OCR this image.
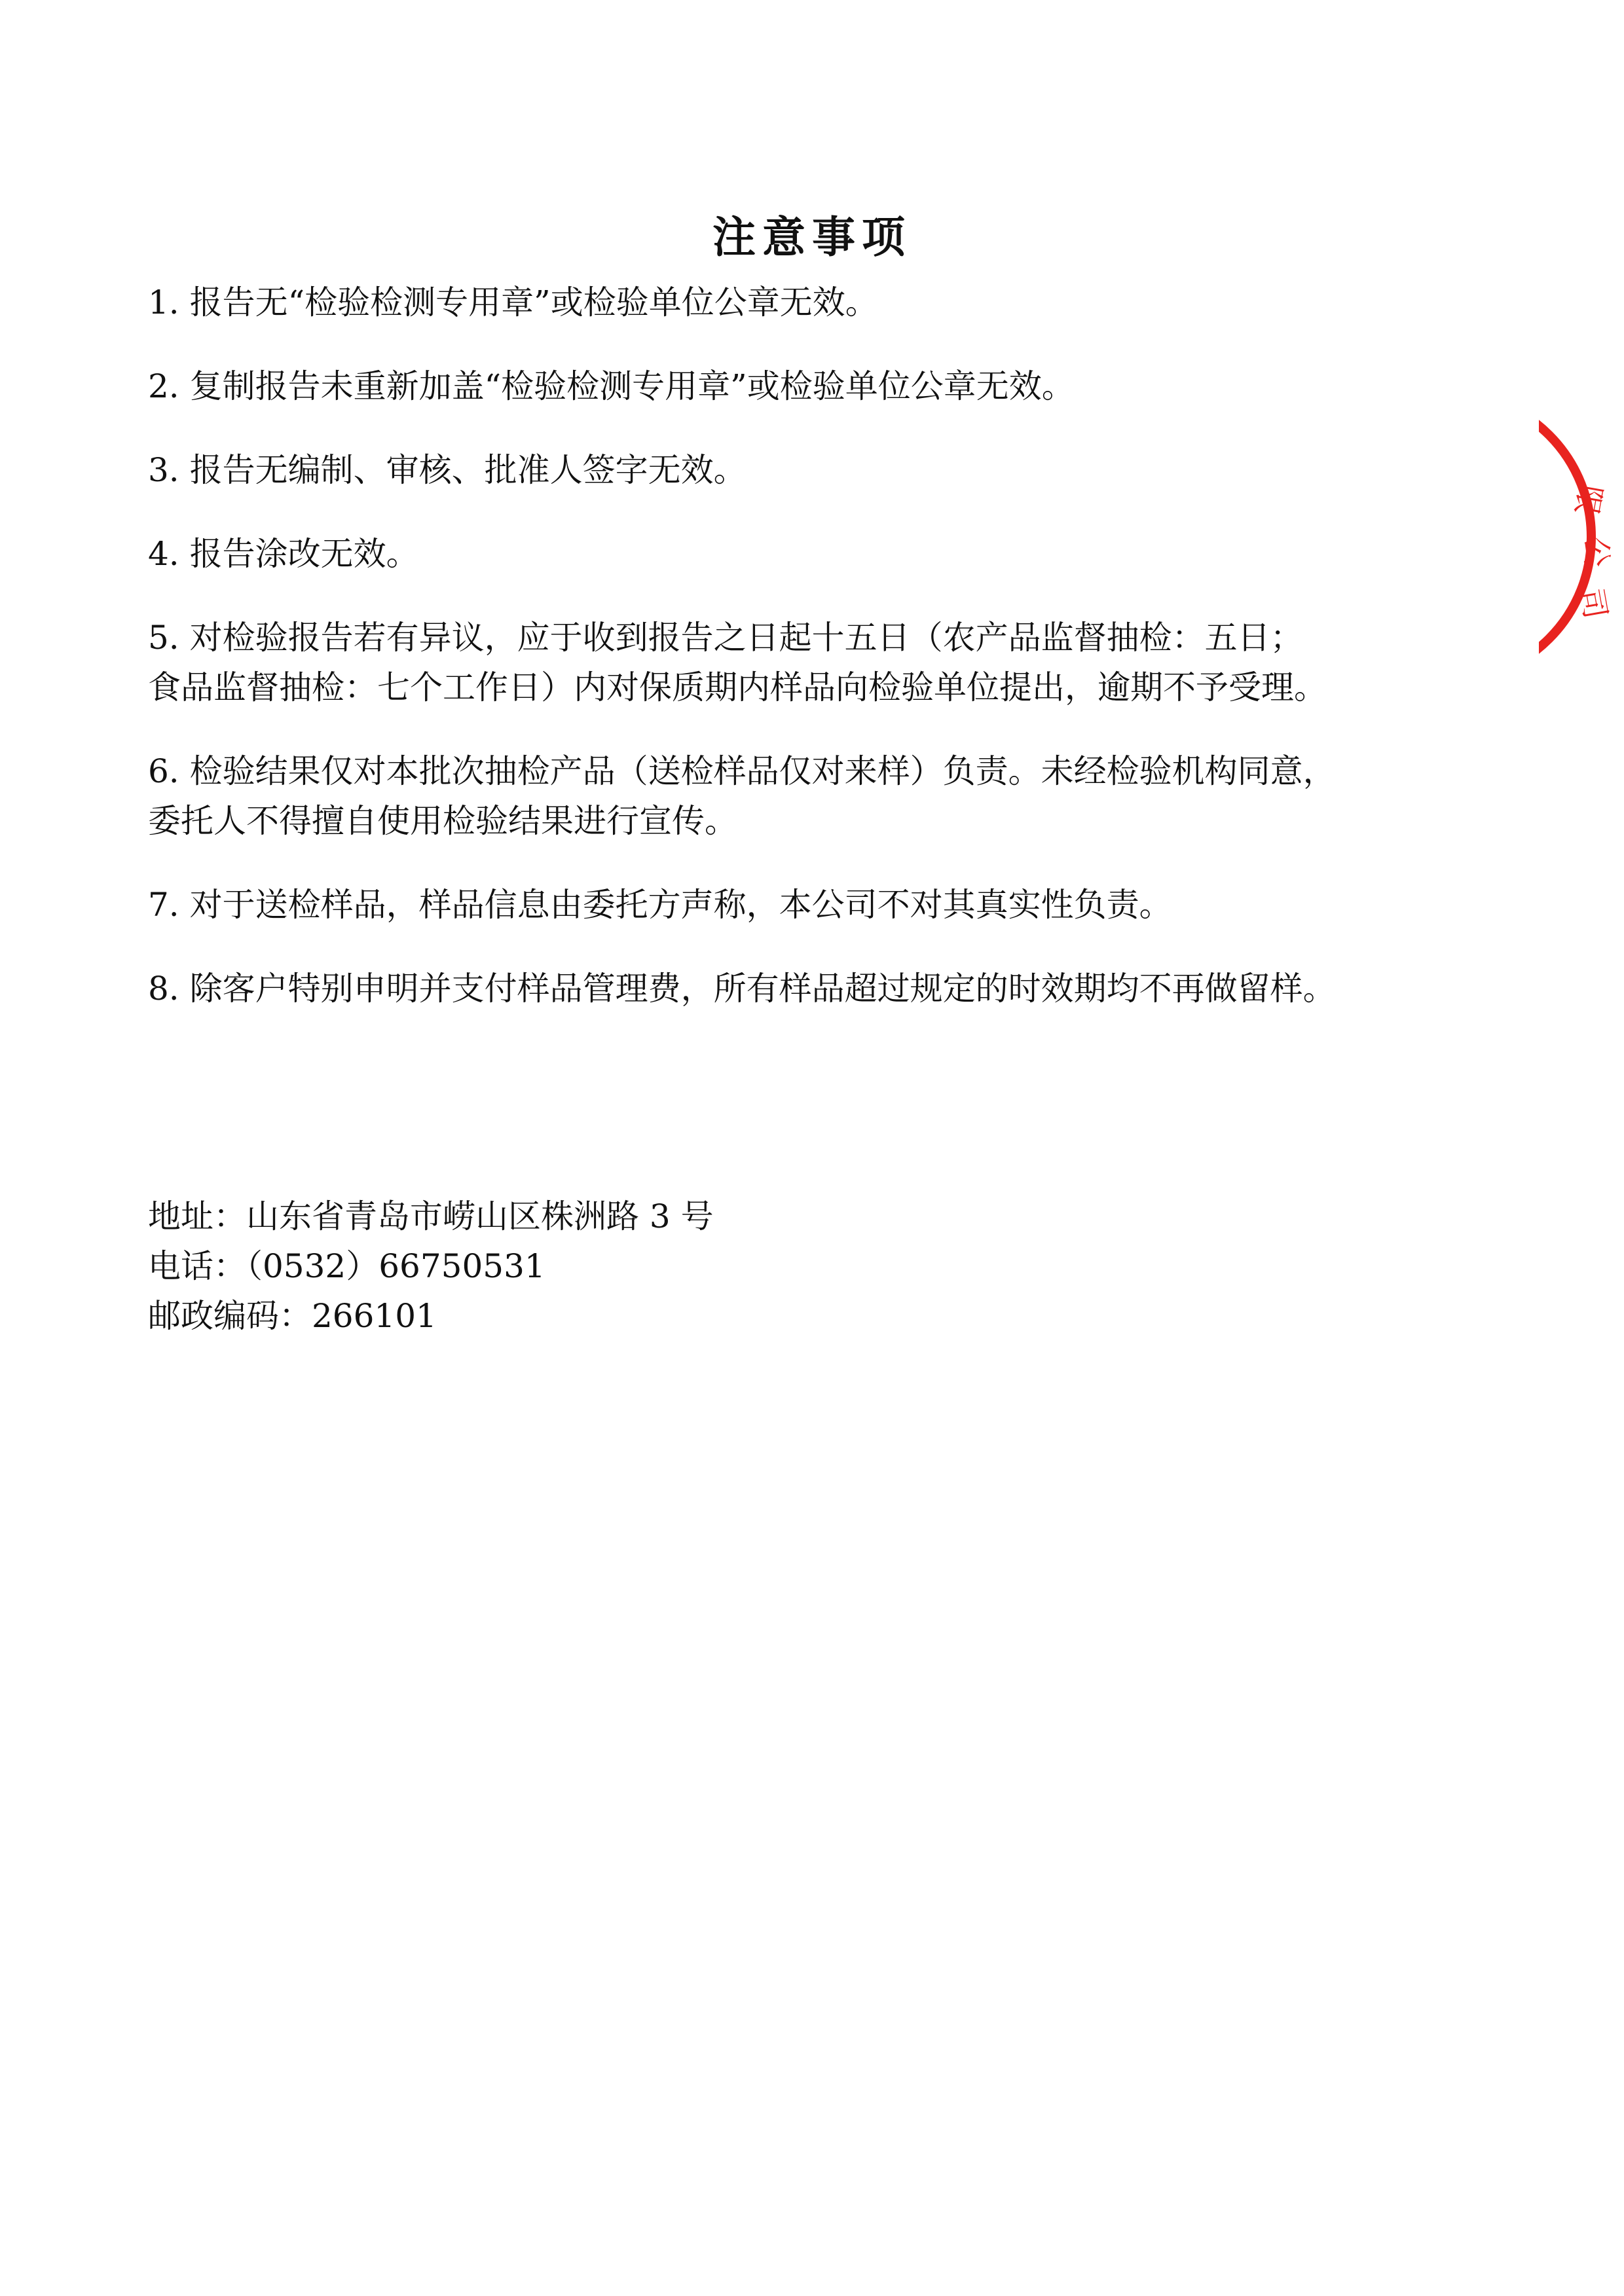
注意事项
1. 报告无“检验检测专用章”或检验单位公章无效。
2. 复制报告未重新加盖“检验检测专用章”或检验单位公章无效。
3. 报告无编制、审核、批准人签字无效。
4. 报告涂改无效。
5. 对检验报告若有异议，应于收到报告之日起十五日（农产品监督抽检：五日；
食品监督抽检：七个工作日）内对保质期内样品向检验单位提出，逾期不予受理。
6. 检验结果仅对本批次抽检产品（送检样品仅对来样）负责。未经检验机构同意，
委托人不得擅自使用检验结果进行宣传。
7. 对于送检样品，样品信息由委托方声称，本公司不对其真实性负责。
8. 除客户特别申明并支付样品管理费，所有样品超过规定的时效期均不再做留样。
地址：山东省青岛市崂山区株洲路 3 号
电话：（0532）66750531
邮政编码：266101
限
公
司
